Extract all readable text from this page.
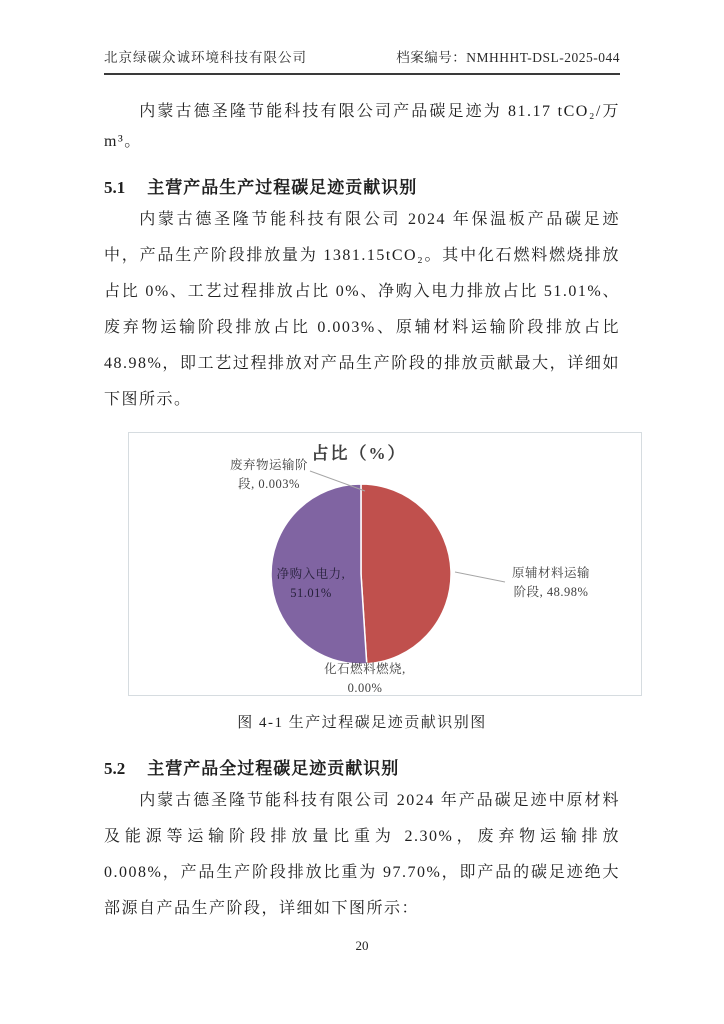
北京绿碳众诚环境科技有限公司	档案编号：NMHHHT-DSL-2025-044

内蒙古德圣隆节能科技有限公司产品碳足迹为 81.17 tCO₂/万 m³。

5.1 主营产品生产过程碳足迹贡献识别

内蒙古德圣隆节能科技有限公司 2024 年保温板产品碳足迹中，产品生产阶段排放量为 1381.15tCO₂。其中化石燃料燃烧排放占比 0%、工艺过程排放占比 0%、净购入电力排放占比 51.01%、废弃物运输阶段排放占比 0.003%、原辅材料运输阶段排放占比 48.98%，即工艺过程排放对产品生产阶段的排放贡献最大，详细如下图所示。

占比（%）
废弃物运输阶
段, 0.003%
净购入电力,
51.01%
化石燃料燃烧,
0.00%
原辅材料运输
阶段, 48.98%
图 4-1 生产过程碳足迹贡献识别图
5.2 主营产品全过程碳足迹贡献识别

内蒙古德圣隆节能科技有限公司 2024 年产品碳足迹中原材料及能源等运输阶段排放量比重为 2.30%，废弃物运输排放 0.008%，产品生产阶段排放比重为 97.70%，即产品的碳足迹绝大部源自产品生产阶段，详细如下图所示：

20
